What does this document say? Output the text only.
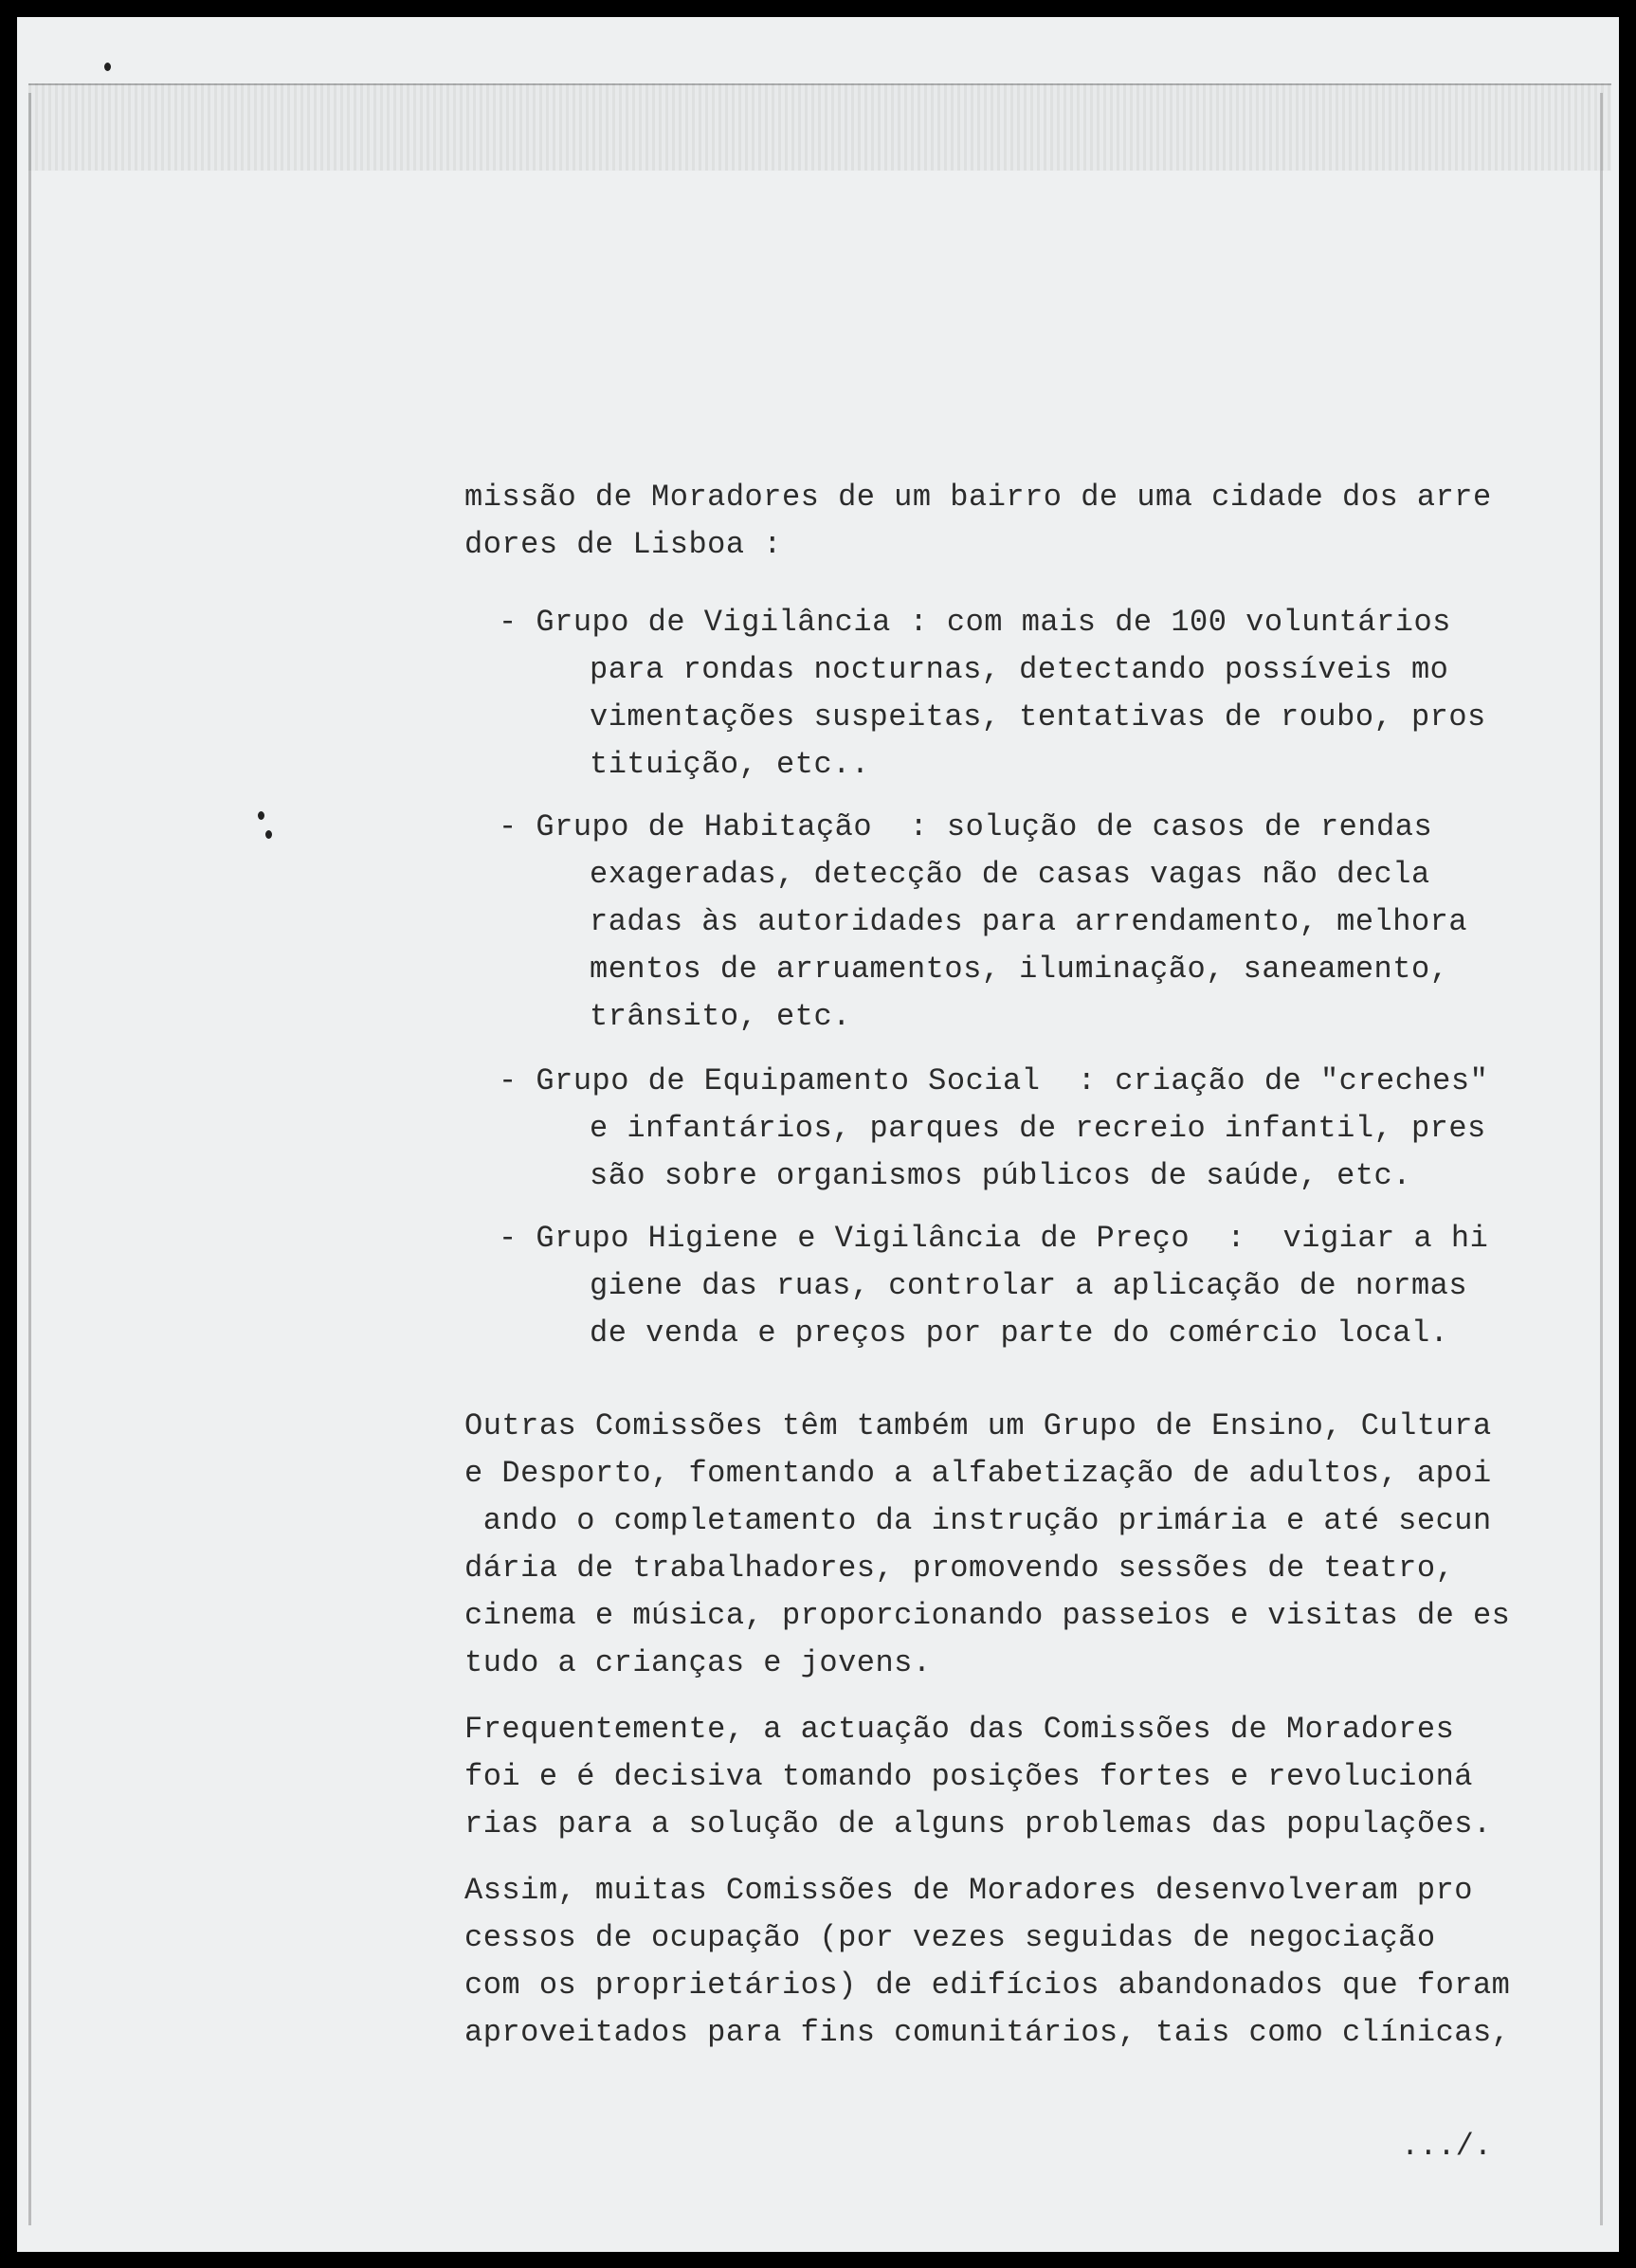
missão de Moradores de um bairro de uma cidade dos arre

dores de Lisboa :

- Grupo de Vigilância : com mais de 100 voluntários

para rondas nocturnas, detectando possíveis mo

vimentações suspeitas, tentativas de roubo, pros

tituição, etc..

- Grupo de Habitação  : solução de casos de rendas

exageradas, detecção de casas vagas não decla

radas às autoridades para arrendamento, melhora

mentos de arruamentos, iluminação, saneamento,

trânsito, etc.

- Grupo de Equipamento Social  : criação de "creches"

e infantários, parques de recreio infantil, pres

são sobre organismos públicos de saúde, etc.

- Grupo Higiene e Vigilância de Preço  :  vigiar a hi

giene das ruas, controlar a aplicação de normas

de venda e preços por parte do comércio local.

Outras Comissões têm também um Grupo de Ensino, Cultura

e Desporto, fomentando a alfabetização de adultos, apoi

ando o completamento da instrução primária e até secun

dária de trabalhadores, promovendo sessões de teatro,

cinema e música, proporcionando passeios e visitas de es

tudo a crianças e jovens.

Frequentemente, a actuação das Comissões de Moradores

foi e é decisiva tomando posições fortes e revolucioná

rias para a solução de alguns problemas das populações.

Assim, muitas Comissões de Moradores desenvolveram pro

cessos de ocupação (por vezes seguidas de negociação

com os proprietários) de edifícios abandonados que foram

aproveitados para fins comunitários, tais como clínicas,

.../.
